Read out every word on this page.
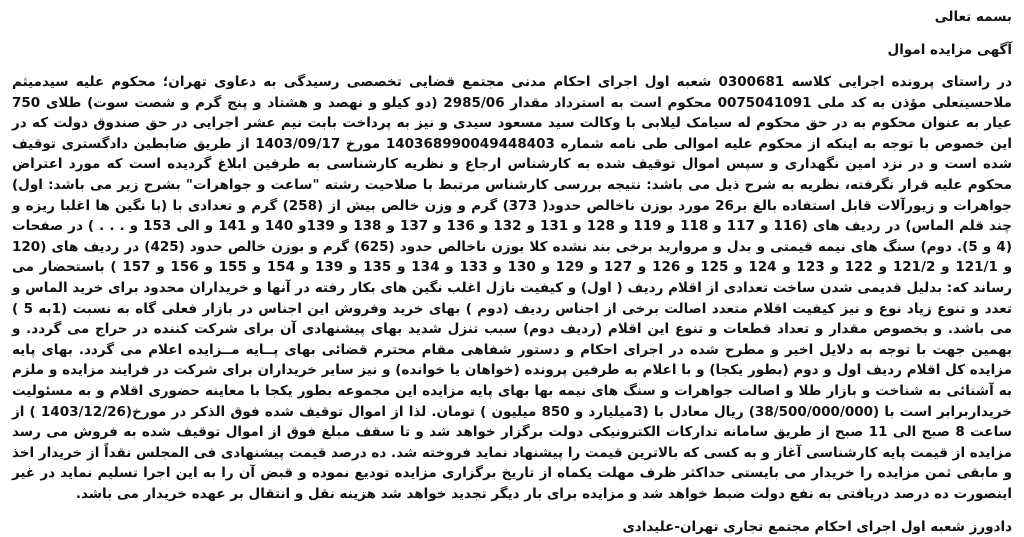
بسمه تعالی
آگهی مزایده اموال
در راستای پرونده اجرایی کلاسه 0300681 شعبه اول اجرای احکام مدنی مجتمع قضایی تخصصی رسیدگی به دعاوی تهران؛ محکوم علیه سیدمیثم ملاحسینعلی مؤذن به کد ملی 0075041091 محکوم است به استرداد مقدار 2985/06 (دو کیلو و نهصد و هشتاد و پنج گرم و شصت سوت) طلای 750 عیار به عنوان محکوم به در حق محکوم له سیامک لیلابی با وکالت سید مسعود سیدی و نیز به پرداخت بابت نیم عشر اجرایی در حق صندوق دولت که در این خصوص با توجه به اینکه از محکوم علیه اموالی طی نامه شماره 140368990049448403 مورخ 1403/09/17 از طریق ضابطین دادگستری توقیف شده است و در نزد امین نگهداری و سپس اموال توقیف شده به کارشناس ارجاع و نظریه کارشناسی به طرفین ابلاغ گردیده است که مورد اعتراض محکوم علیه قرار نگرفته، نظریه به شرح ذیل می باشد: نتیجه بررسی کارشناس مرتبط با صلاحیت رشته "ساعت و جواهرات" بشرح زیر می باشد: اول) جواهرات و زیورآلات قابل استفاده بالغ بر26 مورد بوزن ناخالص حدود( 373) گرم و وزن خالص بیش از (258) گرم و تعدادی با (با نگین ها اغلبا ریزه و چند قلم الماس) در ردیف های (116 و 117 و 118 و 119 و 128 و 131 و 132 و 136 و 137 و 138 و 139و 140 و 141 و الی 153 و . . . ) در صفحات (4 و 5). دوم) سنگ های نیمه قیمتی و بدل و مروارید برخی بند نشده کلا بوزن ناخالص حدود (625) گرم و بوزن خالص حدود (425) در ردیف های (120 و 121/1 و 121/2 و 122 و 123 و 124 و 125 و 126 و 127 و 129 و 130 و 133 و 134 و 135 و 139 و 154 و 155 و 156 و 157 ) باستحضار می رساند که: بدلیل قدیمی شدن ساخت تعدادی از اقلام ردیف ( اول) و کیفیت نازل اغلب نگین های بکار رفته در آنها و خریداران محدود برای خرید الماس و تعدد و تنوع زیاد نوع و نیز کیفیت اقلام متعدد اصالت برخی از اجناس ردیف (دوم ) بهای خرید وفروش این اجناس در بازار فعلی گاه به نسبت (1به 5 ) می باشد. و بخصوص مقدار و تعداد قطعات و تنوع این اقلام (ردیف دوم) سبب تنزل شدید بهای پیشنهادی آن برای شرکت کننده در حراج می گردد. و بهمین جهت با توجه به دلایل اخیر و مطرح شده در اجرای احکام و دستور شفاهی مقام محترم قضائی بهای پــایه مــزایده اعلام می گردد. بهای پایه مزایده کل اقلام ردیف اول و دوم (بطور یکجا) و با اعلام به طرفین پرونده (خواهان یا خوانده) و نیز سایر خریداران برای شرکت در فرایند مزایده و ملزم به آشنائی به شناخت و بازار طلا و اصالت جواهرات و سنگ های نیمه بها بهای پایه مزایده این مجموعه بطور یکجا با معاینه حضوری اقلام و به مسئولیت خریداربرابر است با (38/500/000/000) ریال معادل با (3میلیارد و 850 میلیون ) تومان. لذا از اموال توقیف شده فوق الذکر در مورخ(1403/12/26 ) از ساعت 8 صبح الی 11 صبح از طریق سامانه تدارکات الکترونیکی دولت برگزار خواهد شد و تا سقف مبلغ فوق از اموال توقیف شده به فروش می رسد مزایده از قیمت پایه کارشناسی آغاز و به کسی که بالاترین قیمت را پیشنهاد نماید فروخته شد. ده درصد قیمت پیشنهادی فی المجلس نقداً از خریدار اخذ و مابقی ثمن مزایده را خریدار می بایستی حداکثر ظرف مهلت یکماه از تاریخ برگزاری مزایده تودیع نموده و قبض آن را به این اجرا تسلیم نماید در غیر اینصورت ده درصد دریافتی به نفع دولت ضبط خواهد شد و مزایده برای بار دیگر تجدید خواهد شد هزینه نقل و انتقال بر عهده خریدار می باشد.
دادورز شعبه اول اجرای احکام مجتمع تجاری تهران-علیدادی
